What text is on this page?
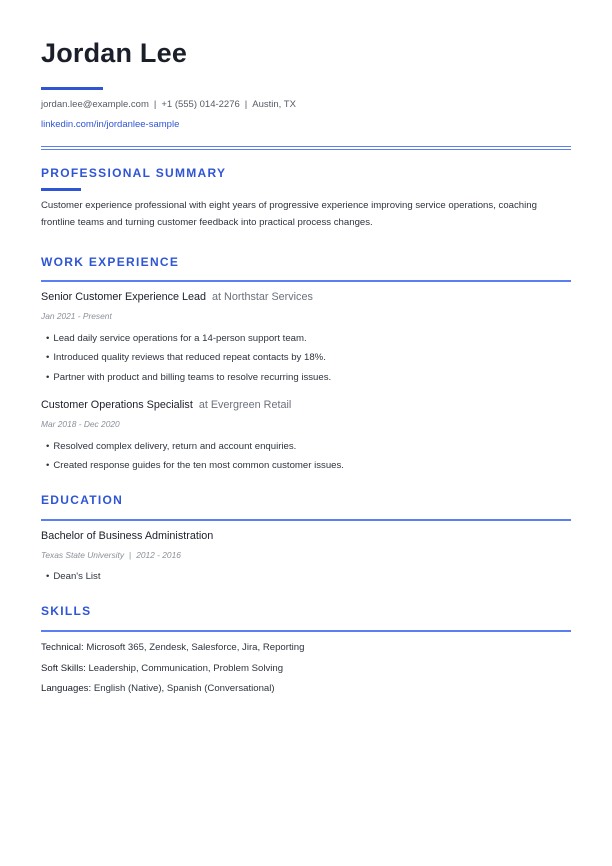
Jordan Lee
jordan.lee@example.com | +1 (555) 014-2276 | Austin, TX
linkedin.com/in/jordanlee-sample
PROFESSIONAL SUMMARY
Customer experience professional with eight years of progressive experience improving service operations, coaching frontline teams and turning customer feedback into practical process changes.
WORK EXPERIENCE
Senior Customer Experience Lead at Northstar Services
Jan 2021 - Present
• Lead daily service operations for a 14-person support team.
• Introduced quality reviews that reduced repeat contacts by 18%.
• Partner with product and billing teams to resolve recurring issues.
Customer Operations Specialist at Evergreen Retail
Mar 2018 - Dec 2020
• Resolved complex delivery, return and account enquiries.
• Created response guides for the ten most common customer issues.
EDUCATION
Bachelor of Business Administration
Texas State University | 2012 - 2016
• Dean's List
SKILLS
Technical: Microsoft 365, Zendesk, Salesforce, Jira, Reporting
Soft Skills: Leadership, Communication, Problem Solving
Languages: English (Native), Spanish (Conversational)
